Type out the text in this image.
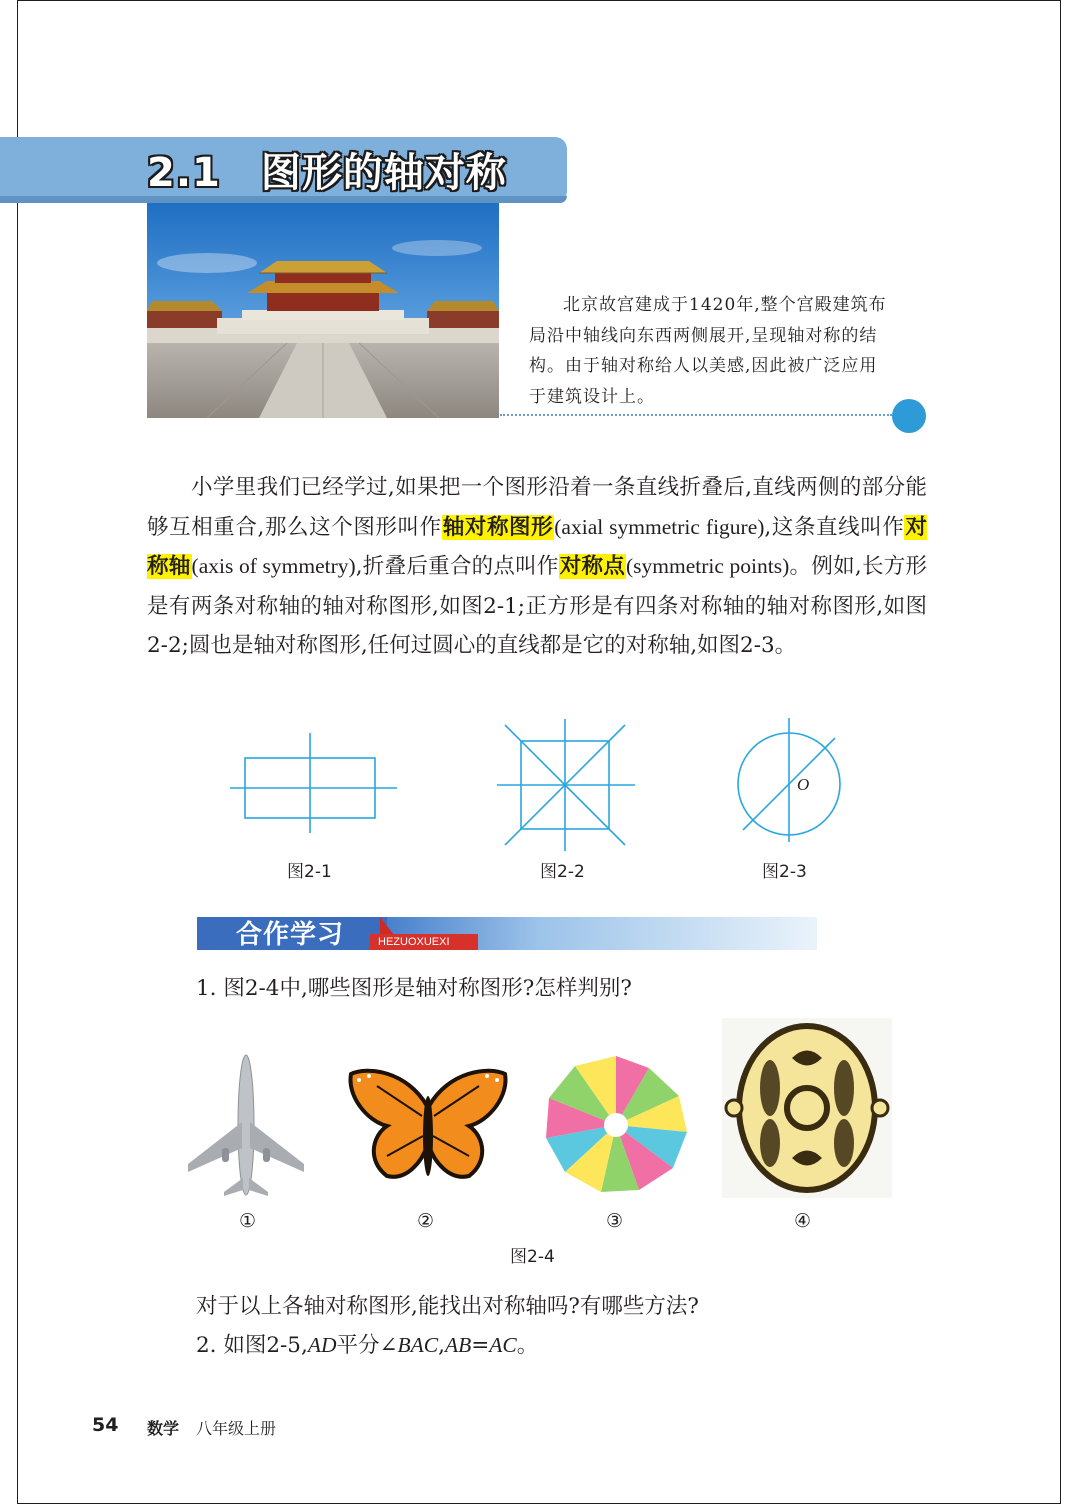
2.1 图形的轴对称

北京故宫建成于1420年,整个宫殿建筑布局沿中轴线向东西两侧展开,呈现轴对称的结构。由于轴对称给人以美感,因此被广泛应用于建筑设计上。

小学里我们已经学过,如果把一个图形沿着一条直线折叠后,直线两侧的部分能够互相重合,那么这个图形叫作轴对称图形(axial symmetric figure),这条直线叫作对称轴(axis of symmetry),折叠后重合的点叫作对称点(symmetric points)。例如,长方形是有两条对称轴的轴对称图形,如图2-1;正方形是有四条对称轴的轴对称图形,如图2-2;圆也是轴对称图形,任何过圆心的直线都是它的对称轴,如图2-3。

图2-1	图2-2
O
图2-3
合作学习	HEZUOXUEXI
1. 图2-4中,哪些图形是轴对称图形?怎样判别?
①	②	③	④
图2-4
对于以上各轴对称图形,能找出对称轴吗?有哪些方法?
2. 如图2-5,AD平分∠BAC,AB=AC。
54 数学 八年级上册
